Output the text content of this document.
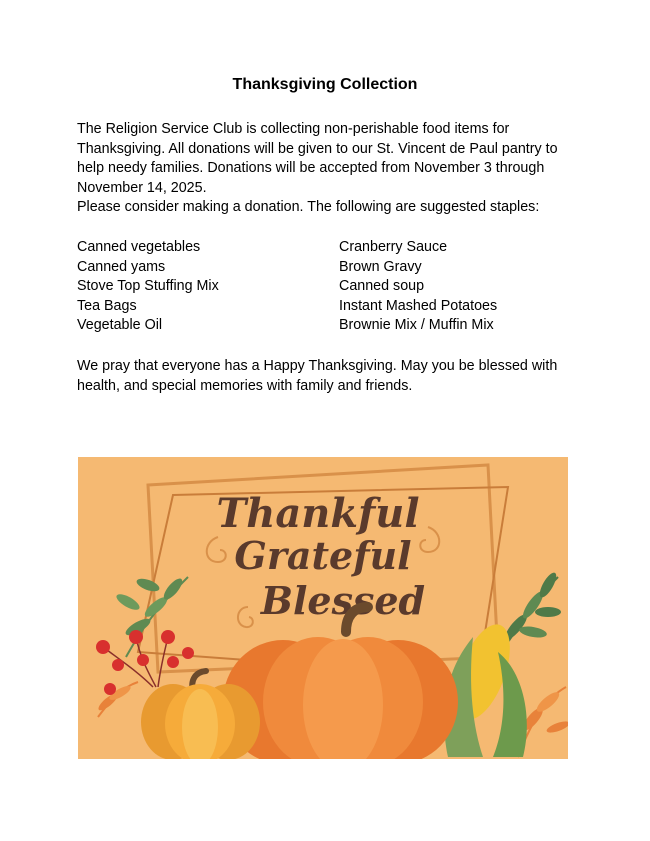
Thanksgiving Collection
The Religion Service Club is collecting non-perishable food items for Thanksgiving. All donations will be given to our St. Vincent de Paul pantry to help needy families. Donations will be accepted from November 3 through November 14, 2025.
Please consider making a donation. The following are suggested staples:
Canned vegetables	Cranberry Sauce
Canned yams	Brown Gravy
Stove Top Stuffing Mix	Canned soup
Tea Bags	Instant Mashed Potatoes
Vegetable Oil	Brownie Mix / Muffin Mix

We pray that everyone has a Happy Thanksgiving. May you be blessed with health, and special memories with family and friends.

Thankful
Grateful
Blessed
